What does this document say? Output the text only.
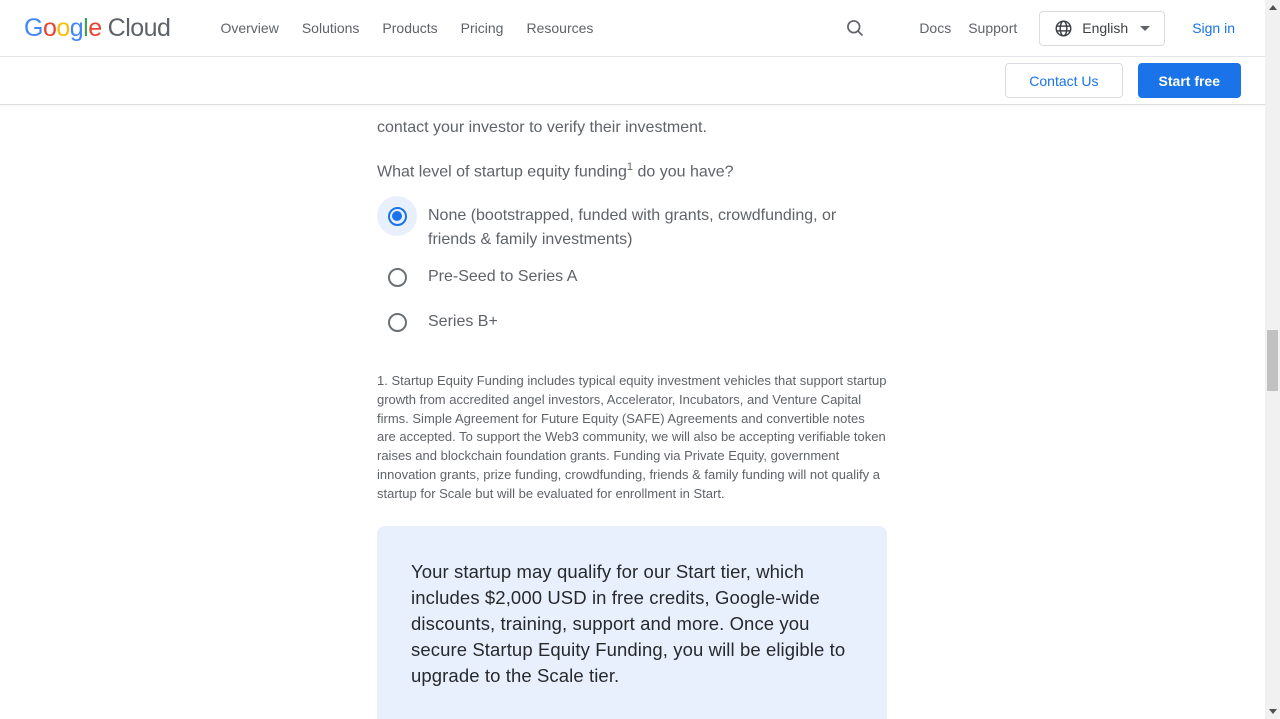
Google Cloud	Overview Solutions Products Pricing Resources	Docs Support	English	Sign in
Contact Us	Start free

contact your investor to verify their investment.

What level of startup equity funding$^1$ do you have?

None (bootstrapped, funded with grants, crowdfunding, or friends & family investments)
Pre-Seed to Series A
Series B+

1. Startup Equity Funding includes typical equity investment vehicles that support startup growth from accredited angel investors, Accelerator, Incubators, and Venture Capital firms. Simple Agreement for Future Equity (SAFE) Agreements and convertible notes are accepted. To support the Web3 community, we will also be accepting verifiable token raises and blockchain foundation grants. Funding via Private Equity, government innovation grants, prize funding, crowdfunding, friends & family funding will not qualify a startup for Scale but will be evaluated for enrollment in Start.

Your startup may qualify for our Start tier, which includes $2,000 USD in free credits, Google-wide discounts, training, support and more. Once you secure Startup Equity Funding, you will be eligible to upgrade to the Scale tier.
